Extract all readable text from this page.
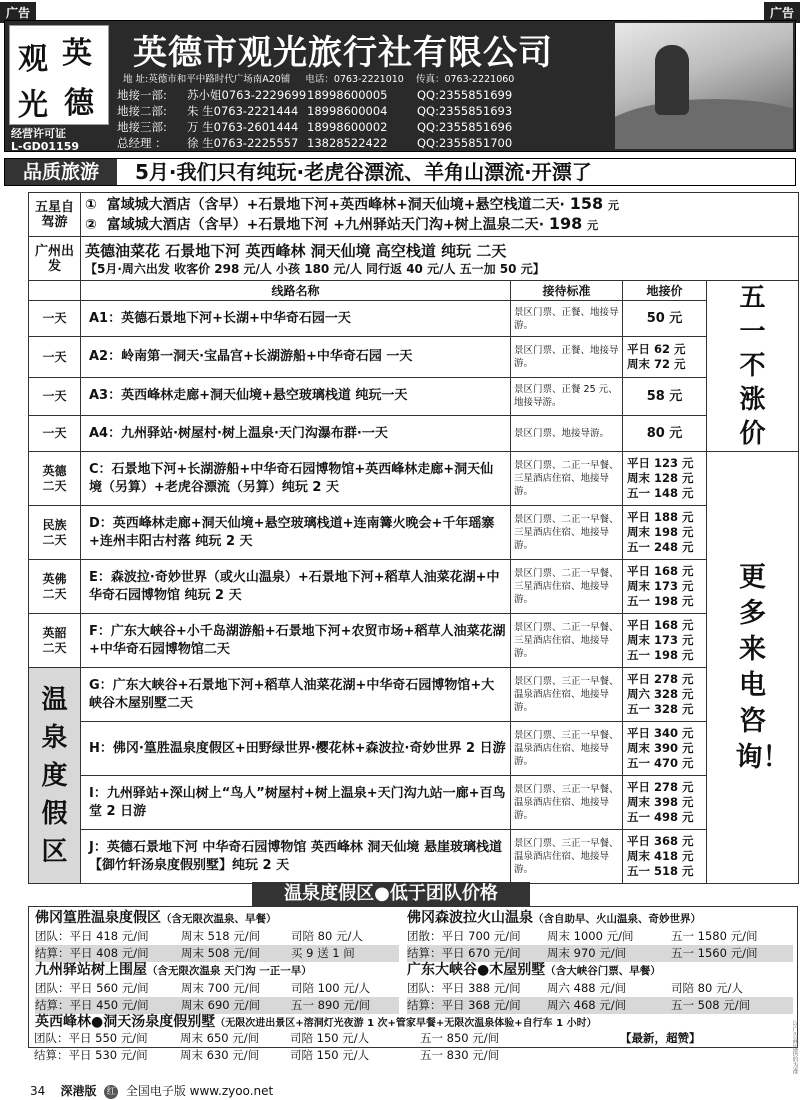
广告	广告
观 英
光 德
经营许可证
L-GD01159
英德市观光旅行社有限公司
地 址:英德市和平中路时代广场南A20铺 电话：0763-2221010 传真：0763-2221060
地接一部: 苏小姐0763-222969918998600005	QQ:2355851699
地接二部: 朱 生0763-2221444 18998600004	QQ:2355851693
地接三部: 万 生0763-2601444 18998600002	QQ:2355851696
总经理 ： 徐 生0763-2225557 13828522422	QQ:2355851700
品质旅游	5月·我们只有纯玩·老虎谷漂流、羊角山漂流·开漂了
五星自驾游	① 富域城大酒店（含早）+石景地下河+英西峰林+洞天仙境+悬空栈道二天· 158 元
② 富域城大酒店（含早）+石景地下河 +九州驿站天门沟+树上温泉二天· 198 元			

广州出发	英德油菜花 石景地下河 英西峰林 洞天仙境 高空栈道 纯玩 二天
【5月·周六出发 收客价 298 元/人 小孩 180 元/人 同行返 40 元/人 五一加 50 元】			

	线路名称	接待标准	地接价	五一不涨价

一天	A1：英德石景地下河+长湖+中华奇石园一天	景区门票、正餐、地接导游。	50 元	

一天	A2：岭南第一洞天·宝晶宫+长湖游船+中华奇石园 一天	景区门票、正餐、地接导游。	平日 62 元
周末 72 元	

一天	A3：英西峰林走廊+洞天仙境+悬空玻璃栈道 纯玩一天	景区门票、正餐 25 元、地接导游。	58 元	

一天	A4：九州驿站·树屋村·树上温泉·天门沟瀑布群·一天	景区门票、地接导游。	80 元	

英德二天	C：石景地下河+长湖游船+中华奇石园博物馆+英西峰林走廊+洞天仙境（另算）+老虎谷漂流（另算）纯玩 2 天	景区门票、二正一早餐、三星酒店住宿、地接导游。	平日 123 元
周末 128 元
五一 148 元	更多来电咨询！

民族二天	D：英西峰林走廊+洞天仙境+悬空玻璃栈道+连南篝火晚会+千年瑶寨+连州丰阳古村落 纯玩 2 天	景区门票、二正一早餐、三星酒店住宿、地接导游。	平日 188 元
周末 198 元
五一 248 元	

英佛二天	E：森波拉·奇妙世界（或火山温泉）+石景地下河+稻草人油菜花湖+中华奇石园博物馆 纯玩 2 天	景区门票、二正一早餐、三星酒店住宿、地接导游。	平日 168 元
周末 173 元
五一 198 元	

英韶二天	F：广东大峡谷+小千岛湖游船+石景地下河+农贸市场+稻草人油菜花湖+中华奇石园博物馆二天	景区门票、二正一早餐、三星酒店住宿、地接导游。	平日 168 元
周末 173 元
五一 198 元	

温泉度假区	G：广东大峡谷+石景地下河+稻草人油菜花湖+中华奇石园博物馆+大峡谷木屋别墅二天	景区门票、三正一早餐、温泉酒店住宿、地接导游。	平日 278 元
周六 328 元
五一 328 元	

	H：佛冈·篁胜温泉度假区+田野绿世界·樱花林+森波拉·奇妙世界 2 日游	景区门票、三正一早餐、温泉酒店住宿、地接导游。	平日 340 元
周末 390 元
五一 470 元	

	I：九州驿站+深山树上“鸟人”树屋村+树上温泉+天门沟九站一廊+百鸟堂 2 日游	景区门票、三正一早餐、温泉酒店住宿、地接导游。	平日 278 元
周末 398 元
五一 498 元	

	J：英德石景地下河 中华奇石园博物馆 英西峰林 洞天仙境 悬崖玻璃栈道 【御竹轩汤泉度假别墅】纯玩 2 天	景区门票、三正一早餐、温泉酒店住宿、地接导游。	平日 368 元
周末 418 元
五一 518 元	
温泉度假区●低于团队价格
佛冈篁胜温泉度假区（含无限次温泉、早餐）
团队：平日 418 元/间	周末 518 元/间	司陪 80 元/人
结算：平日 408 元/间	周末 508 元/间	买 9 送 1 间
佛冈森波拉火山温泉（含自助早、火山温泉、奇妙世界）
团散：平日 700 元/间 周末 1000 元/间	五一 1580 元/间
结算：平日 670 元/间 周末 970 元/间	五一 1560 元/间
九州驿站树上围屋（含无限次温泉 天门沟 一正一早）
团队：平日 560 元/间	周末 700 元/间	司陪 100 元/人
结算：平日 450 元/间	周末 690 元/间	五一 890 元/间
广东大峡谷●木屋别墅（含大峡谷门票、早餐）
团队：平日 388 元/间 周六 488 元/间	司陪 80 元/人
结算：平日 368 元/间 周六 468 元/间	五一 508 元/间
英西峰林●洞天汤泉度假别墅（无限次进出景区+溶洞灯光夜游 1 次+管家早餐+无限次温泉体验+自行车 1 小时）
团队：平日 550 元/间	周末 650 元/间	司陪 150 元/人	五一 850 元/间	【最新，超赞】
结算：平日 530 元/间	周末 630 元/间	司陪 150 元/人	五一 830 元/间
34 深港版 红 全国电子版 www.zyoo.net
以广告商提供的为准
